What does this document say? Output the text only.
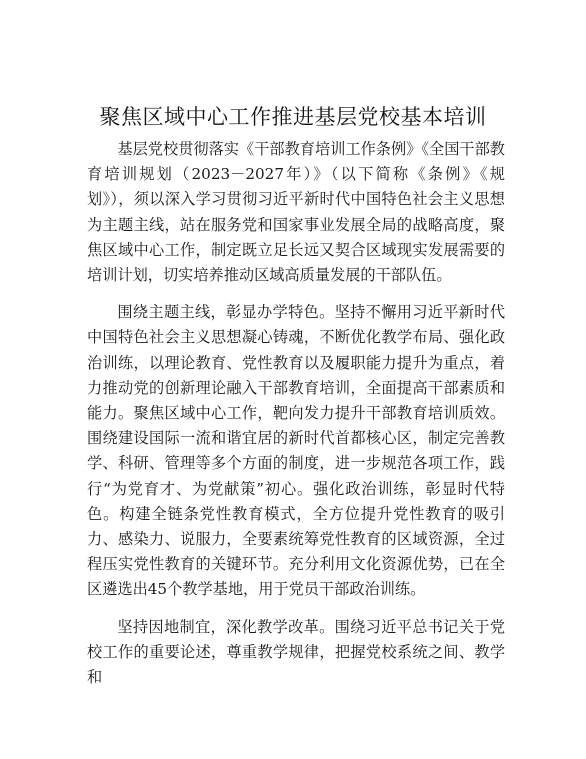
聚焦区域中心工作推进基层党校基本培训

基层党校贯彻落实《干部教育培训工作条例》《全国干部教育培训规划（2023－2027年）》（以下简称《条例》《规划》），须以深入学习贯彻习近平新时代中国特色社会主义思想为主题主线，站在服务党和国家事业发展全局的战略高度，聚焦区域中心工作，制定既立足长远又契合区域现实发展需要的培训计划，切实培养推动区域高质量发展的干部队伍。

围绕主题主线，彰显办学特色。坚持不懈用习近平新时代中国特色社会主义思想凝心铸魂，不断优化教学布局、强化政治训练，以理论教育、党性教育以及履职能力提升为重点，着力推动党的创新理论融入干部教育培训，全面提高干部素质和能力。聚焦区域中心工作，靶向发力提升干部教育培训质效。围绕建设国际一流和谐宜居的新时代首都核心区，制定完善教学、科研、管理等多个方面的制度，进一步规范各项工作，践行“为党育才、为党献策”初心。强化政治训练，彰显时代特色。构建全链条党性教育模式，全方位提升党性教育的吸引力、感染力、说服力，全要素统筹党性教育的区域资源，全过程压实党性教育的关键环节。充分利用文化资源优势，已在全区遴选出45个教学基地，用于党员干部政治训练。

坚持因地制宜，深化教学改革。围绕习近平总书记关于党校工作的重要论述，尊重教学规律，把握党校系统之间、教学和
